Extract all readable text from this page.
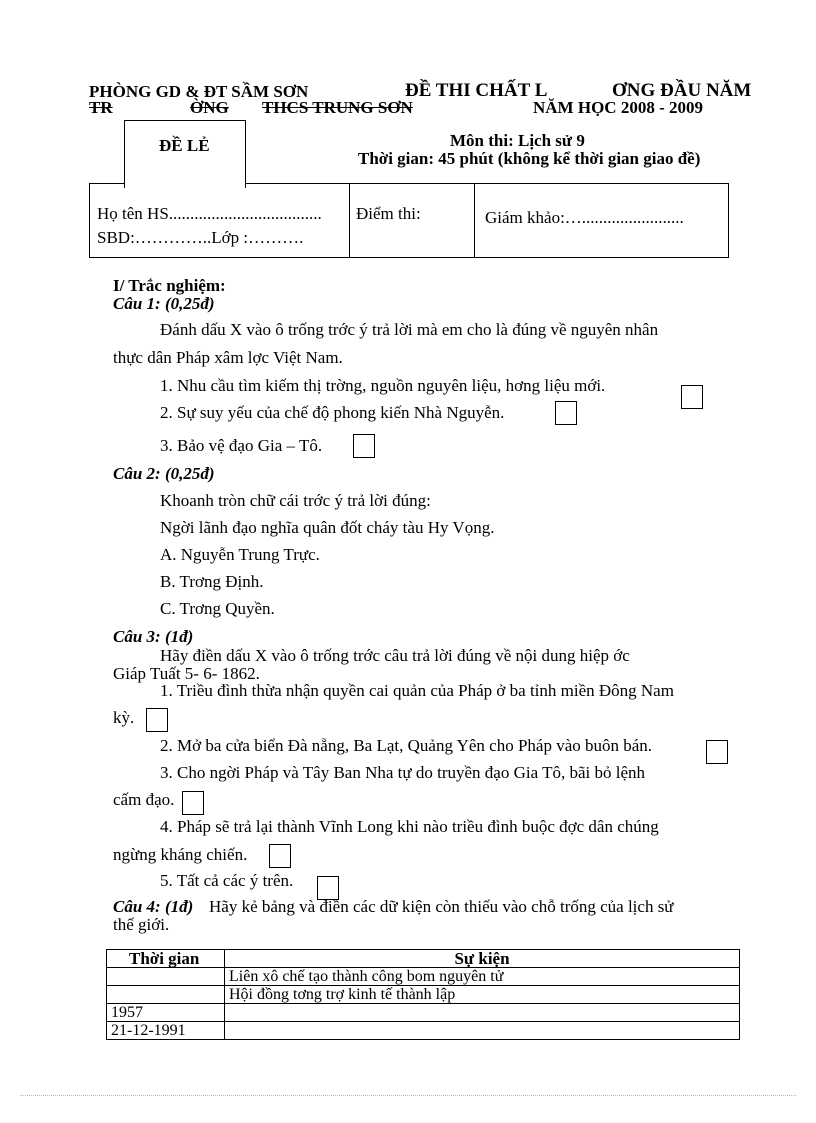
PHÒNG GD & ĐT SẦM SƠN	ĐỀ THI CHẤT L	ƠNG ĐẦU NĂM
TR	ỜNG THCS TRUNG SƠN	NĂM HỌC 2008 - 2009
Họ tên HS....................................
SBD:…………..Lớp :……….
Điểm thi:	Giám khảo:…........................
ĐỀ LẺ	Môn thi: Lịch sử 9
Thời gian: 45 phút (không kể thời gian giao đề)
I/ Trắc nghiệm:
Câu 1: (0,25đ)
Đánh dấu X vào ô trống trớc ý trả lời mà em cho là đúng về nguyên nhân
thực dân Pháp xâm lợc Việt Nam.
1. Nhu cầu tìm kiếm thị trờng, nguồn nguyên liệu, hơng liệu mới.
2. Sự suy yếu của chế độ phong kiến Nhà Nguyễn.
3. Bảo vệ đạo Gia – Tô.
Câu 2: (0,25đ)
Khoanh tròn chữ cái trớc ý trả lời đúng:
Ngời lãnh đạo nghĩa quân đốt cháy tàu Hy Vọng.
A. Nguyễn Trung Trực.
B. Trơng Định.
C. Trơng Quyền.
Câu 3: (1đ)
Hãy điền dấu X vào ô trống trớc câu trả lời đúng về nội dung hiệp ớc
Giáp Tuất 5- 6- 1862.
1. Triều đình thừa nhận quyền cai quản của Pháp ở ba tỉnh miền Đông Nam
kỳ.
2. Mở ba cửa biển Đà nẵng, Ba Lạt, Quảng Yên cho Pháp vào buôn bán.
3. Cho ngời Pháp và Tây Ban Nha tự do truyền đạo Gia Tô, bãi bỏ lệnh
cấm đạo.
4. Pháp sẽ trả lại thành Vĩnh Long khi nào triều đình buộc đợc dân chúng
ngừng kháng chiến.
5. Tất cả các ý trên.
Câu 4: (1đ) Hãy kẻ bảng và điền các dữ kiện còn thiếu vào chỗ trống của lịch sử
thế giới.
Thời gian	Sự kiện
	Liên xô chế tạo thành công bom nguyên tử
	Hội đồng tơng trợ kinh tế thành lập
1957	
21-12-1991	
